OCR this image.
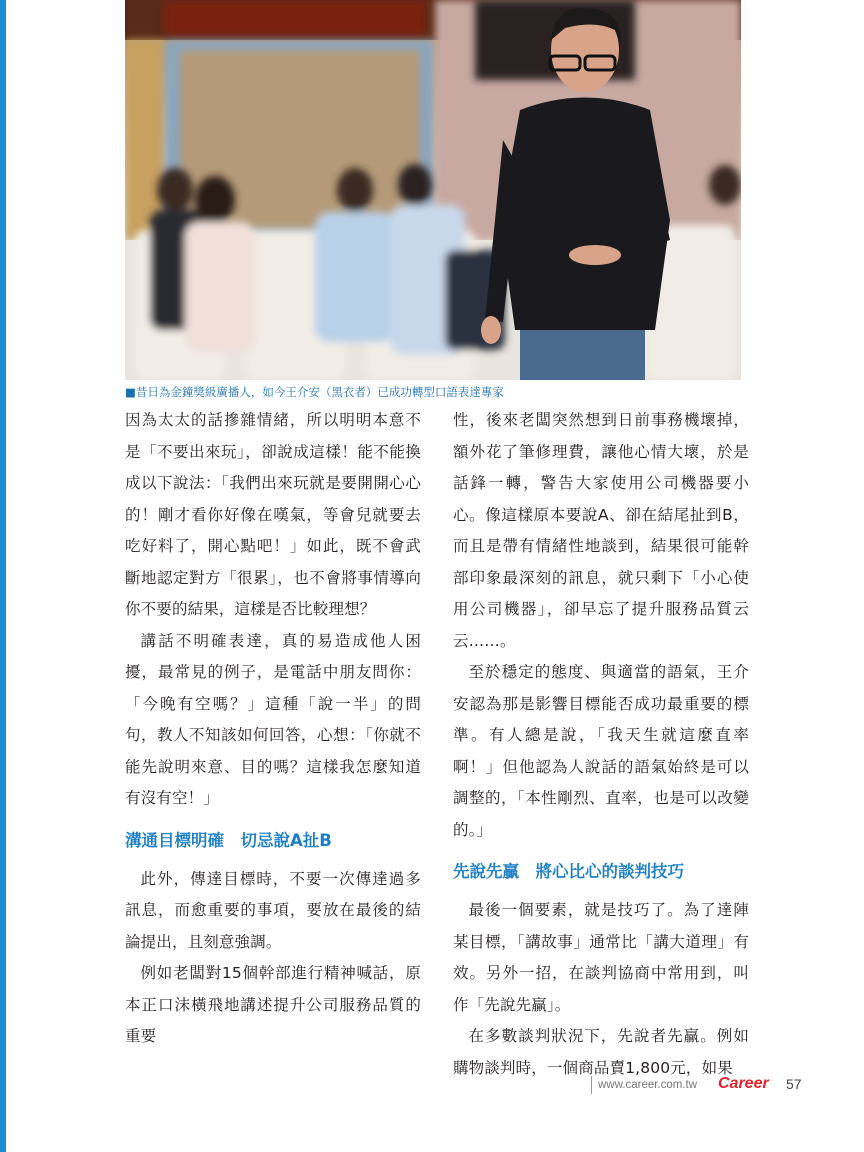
■昔日為金鐘獎級廣播人，如今王介安（黑衣者）已成功轉型口語表達專家

因為太太的話摻雜情緒，所以明明本意不是「不要出來玩」，卻說成這樣！能不能換成以下說法：「我們出來玩就是要開開心心的！剛才看你好像在嘆氣，等會兒就要去吃好料了，開心點吧！」如此，既不會武斷地認定對方「很累」，也不會將事情導向你不要的結果，這樣是否比較理想？

講話不明確表達，真的易造成他人困擾，最常見的例子，是電話中朋友問你：「今晚有空嗎？」這種「說一半」的問句，教人不知該如何回答，心想：「你就不能先說明來意、目的嗎？這樣我怎麼知道有沒有空！」

溝通目標明確　切忌說A扯B

此外，傳達目標時，不要一次傳達過多訊息，而愈重要的事項，要放在最後的結論提出，且刻意強調。

例如老闆對15個幹部進行精神喊話，原本正口沫橫飛地講述提升公司服務品質的重要

性，後來老闆突然想到日前事務機壞掉，額外花了筆修理費，讓他心情大壞，於是話鋒一轉，警告大家使用公司機器要小心。像這樣原本要說A、卻在結尾扯到B，而且是帶有情緒性地談到，結果很可能幹部印象最深刻的訊息，就只剩下「小心使用公司機器」，卻早忘了提升服務品質云云……。

至於穩定的態度、與適當的語氣，王介安認為那是影響目標能否成功最重要的標準。有人總是說，「我天生就這麼直率啊！」但他認為人說話的語氣始終是可以調整的，「本性剛烈、直率，也是可以改變的。」

先說先贏　將心比心的談判技巧

最後一個要素，就是技巧了。為了達陣某目標，「講故事」通常比「講大道理」有效。另外一招，在談判協商中常用到，叫作「先說先贏」。

在多數談判狀況下，先說者先贏。例如購物談判時，一個商品賣1,800元，如果

www.career.com.tw Career 57
